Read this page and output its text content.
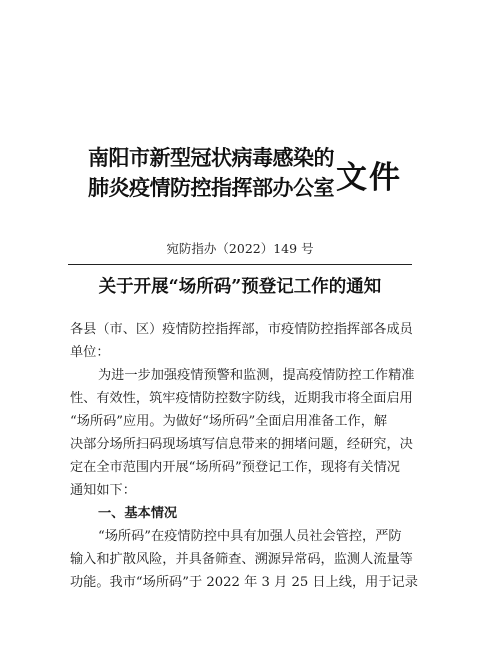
南阳市新型冠状病毒感染的
肺炎疫情防控指挥部办公室 文件
宛防指办（2022）149 号
关于开展“场所码”预登记工作的通知
各县（市、区）疫情防控指挥部，市疫情防控指挥部各成员
单位：
为进一步加强疫情预警和监测，提高疫情防控工作精准
性、有效性，筑牢疫情防控数字防线，近期我市将全面启用
“场所码”应用。为做好“场所码”全面启用准备工作，解
决部分场所扫码现场填写信息带来的拥堵问题，经研究，决
定在全市范围内开展“场所码”预登记工作，现将有关情况
通知如下：
一、基本情况
“场所码”在疫情防控中具有加强人员社会管控，严防
输入和扩散风险，并具备筛查、溯源异常码，监测人流量等
功能。我市“场所码”于 2022 年 3 月 25 日上线，用于记录
